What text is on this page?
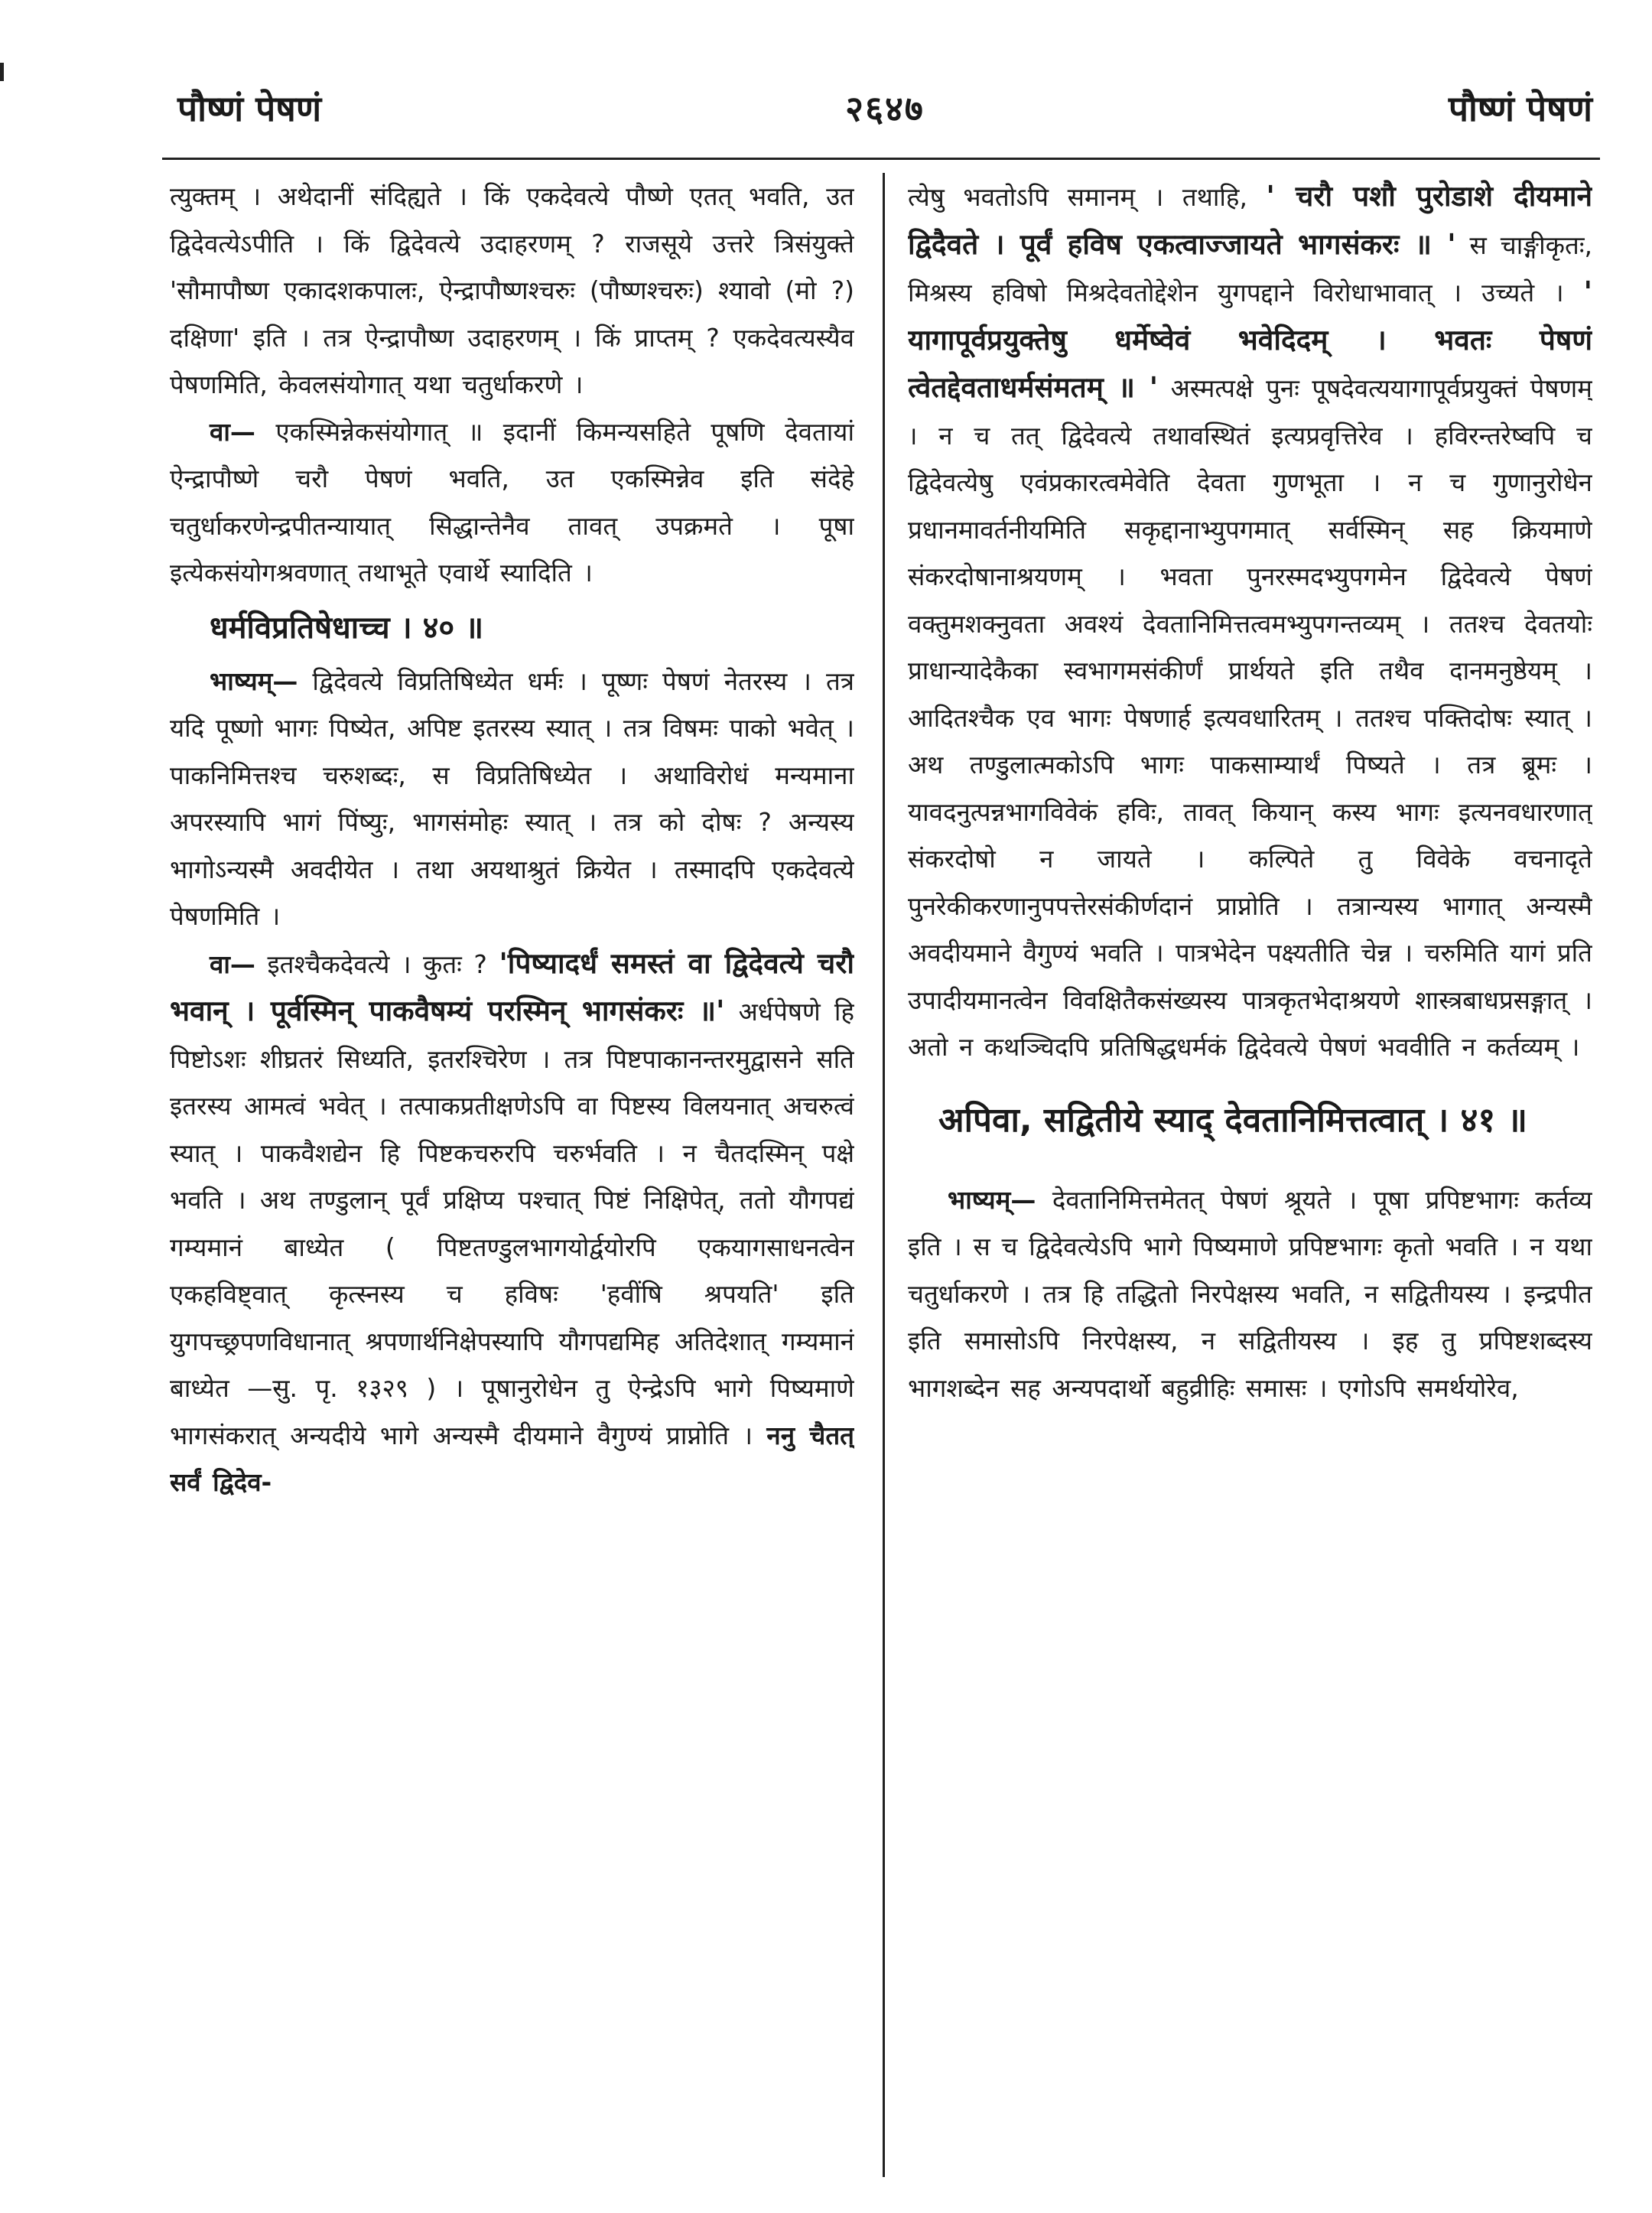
पौष्णं पेषणं	२६४७	पौष्णं पेषणं

त्युक्तम् । अथेदानीं संदिह्यते । किं एकदेवत्ये पौष्णे एतत् भवति, उत द्विदेवत्येऽपीति । किं द्विदेवत्ये उदाहरणम् ? राजसूये उत्तरे त्रिसंयुक्ते 'सौमापौष्ण एकादशकपालः, ऐन्द्रापौष्णश्चरुः (पौष्णश्चरुः) श्यावो (मो ?) दक्षिणा' इति । तत्र ऐन्द्रापौष्ण उदाहरणम् । किं प्राप्तम् ? एकदेवत्यस्यैव पेषणमिति, केवलसंयोगात् यथा चतुर्धाकरणे ।

वा— एकस्मिन्नेकसंयोगात् ॥ इदानीं किमन्यसहिते पूषणि देवतायां ऐन्द्रापौष्णे चरौ पेषणं भवति, उत एकस्मिन्नेव इति संदेहे चतुर्धाकरणेन्द्रपीतन्यायात् सिद्धान्तेनैव तावत् उपक्रमते । पूषा इत्येकसंयोगश्रवणात् तथाभूते एवार्थे स्यादिति ।

धर्मविप्रतिषेधाच्च । ४० ॥

भाष्यम्— द्विदेवत्ये विप्रतिषिध्येत धर्मः । पूष्णः पेषणं नेतरस्य । तत्र यदि पूष्णो भागः पिष्येत, अपिष्ट इतरस्य स्यात् । तत्र विषमः पाको भवेत् । पाकनिमित्तश्च चरुशब्दः, स विप्रतिषिध्येत । अथाविरोधं मन्यमाना अपरस्यापि भागं पिंष्युः, भागसंमोहः स्यात् । तत्र को दोषः ? अन्यस्य भागोऽन्यस्मै अवदीयेत । तथा अयथाश्रुतं क्रियेत । तस्मादपि एकदेवत्ये पेषणमिति ।

वा— इतश्चैकदेवत्ये । कुतः ? 'पिष्याद‍र्धं समस्तं वा द्विदेवत्ये चरौ भवान् । पूर्वस्मिन् पाकवैषम्यं परस्मिन् भागसंकरः ॥' अर्धपेषणे हि पिष्टोऽशः शीघ्रतरं सिध्यति, इतरश्चिरेण । तत्र पिष्टपाकानन्तरमुद्वासने सति इतरस्य आमत्वं भवेत् । तत्पाकप्रतीक्षणेऽपि वा पिष्टस्य विलयनात् अचरुत्वं स्यात् । पाकवैशद्येन हि पिष्टकचरुरपि चरुर्भवति । न चैतदस्मिन् पक्षे भवति । अथ तण्डुलान् पूर्वं प्रक्षिप्य पश्चात् पिष्टं निक्षिपेत्, ततो यौगपद्यं गम्यमानं बाध्येत ( पिष्टतण्डुलभागयोर्द्वयोरपि एकयागसाधनत्वेन एकहविष्ट्वात् कृत्स्नस्य च हविषः 'हवींषि श्रपयति' इति युगपच्छ्रपणविधानात् श्रपणार्थनिक्षेपस्यापि यौगपद्यमिह अतिदेशात् गम्यमानं बाध्येत —सु. पृ. १३२९ ) । पूषानुरोधेन तु ऐन्द्रेऽपि भागे पिष्यमाणे भागसंकरात् अन्यदीये भागे अन्यस्मै दीयमाने वैगुण्यं प्राप्नोति । ननु चैतत् सर्वं द्विदेव-

त्येषु भवतोऽपि समानम् । तथाहि, ' चरौ पशौ पुरोडाशे दीयमाने द्विदैवते । पूर्वं हविष एकत्वाज्जायते भागसंकरः ॥ ' स चाङ्गीकृतः, मिश्रस्य हविषो मिश्रदेवतोद्देशेन युगपद्दाने विरोधाभावात् । उच्यते । ' यागापूर्वप्रयुक्तेषु धर्मेष्वेवं भवेदिदम् । भवतः पेषणं त्वेतद्देवताधर्मसंमतम् ॥ ' अस्मत्पक्षे पुनः पूषदेवत्ययागापूर्वप्रयुक्तं पेषणम् । न च तत् द्विदेवत्ये तथावस्थितं इत्यप्रवृत्तिरेव । हविरन्तरेष्वपि च द्विदेवत्येषु एवंप्रकारत्वमेवेति देवता गुणभूता । न च गुणानुरोधेन प्रधानमावर्तनीयमिति सकृद्दानाभ्युपगमात् सर्वस्मिन् सह क्रियमाणे संकरदोषानाश्रयणम् । भवता पुनरस्मदभ्युपगमेन द्विदेवत्ये पेषणं वक्तुमशक्नुवता अवश्यं देवतानिमित्तत्वमभ्युपगन्तव्यम् । ततश्च देवतयोः प्राधान्यादेकैका स्वभागमसंकीर्णं प्रार्थयते इति तथैव दानमनुष्ठेयम् । आदितश्चैक एव भागः पेषणार्ह इत्यवधारितम् । ततश्च पक्तिदोषः स्यात् । अथ तण्डुलात्मकोऽपि भागः पाकसाम्यार्थं पिष्यते । तत्र ब्रूमः । यावदनुत्पन्नभागविवेकं हविः, तावत् कियान् कस्य भागः इत्यनवधारणात् संकरदोषो न जायते । कल्पिते तु विवेके वचनादृते पुनरेकीकरणानुपपत्तेरसंकीर्णदानं प्राप्नोति । तत्रान्यस्य भागात् अन्यस्मै अवदीयमाने वैगुण्यं भवति । पात्रभेदेन पक्ष्यतीति चेन्न । चरुमिति यागं प्रति उपादीयमानत्वेन विवक्षितैकसंख्यस्य पात्रकृतभेदाश्रयणे शास्त्रबाधप्रसङ्गात् । अतो न कथञ्चिदपि प्रतिषिद्धधर्मकं द्विदेवत्ये पेषणं भववीति न कर्तव्यम् ।

अपिवा, सद्वितीये स्याद् देवतानिमित्तत्वात् । ४१ ॥

भाष्यम्— देवतानिमित्तमेतत् पेषणं श्रूयते । पूषा प्रपिष्टभागः कर्तव्य इति । स च द्विदेवत्येऽपि भागे पिष्यमाणे प्रपिष्टभागः कृतो भवति । न यथा चतुर्धाकरणे । तत्र हि तद्धितो निरपेक्षस्य भवति, न सद्वितीयस्य । इन्द्रपीत इति समासोऽपि निरपेक्षस्य, न सद्वितीयस्य । इह तु प्रपिष्टशब्दस्य भागशब्देन सह अन्यपदार्थो बहुव्रीहिः समासः । एगोऽपि समर्थयोरेव,
